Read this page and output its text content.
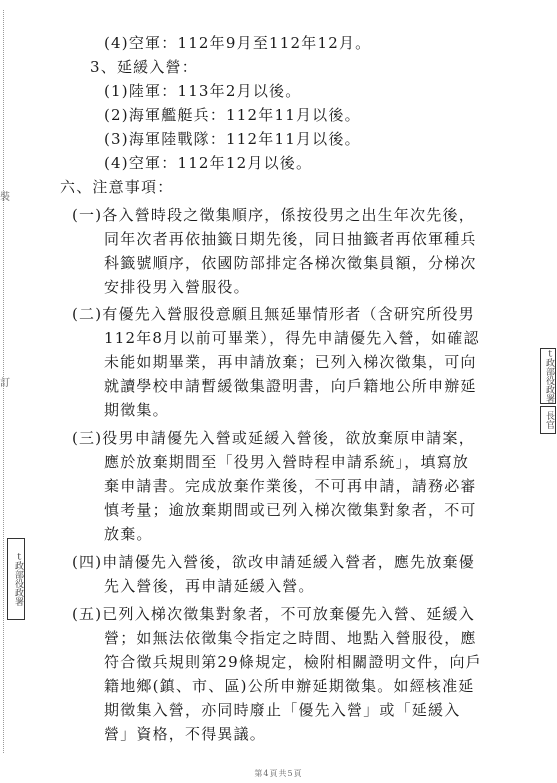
裝
訂
ｔ政部役政署
ｔ政部役政署
長官
(4)空軍：112年9月至112年12月。
3、延緩入營：
(1)陸軍：113年2月以後。
(2)海軍艦艇兵：112年11月以後。
(3)海軍陸戰隊：112年11月以後。
(4)空軍：112年12月以後。
六、注意事項：
(一)各入營時段之徵集順序，係按役男之出生年次先後，
同年次者再依抽籤日期先後，同日抽籤者再依軍種兵
科籤號順序，依國防部排定各梯次徵集員額，分梯次
安排役男入營服役。
(二)有優先入營服役意願且無延畢情形者（含研究所役男
112年8月以前可畢業），得先申請優先入營，如確認
未能如期畢業，再申請放棄；已列入梯次徵集，可向
就讀學校申請暫緩徵集證明書，向戶籍地公所申辦延
期徵集。
(三)役男申請優先入營或延緩入營後，欲放棄原申請案，
應於放棄期間至「役男入營時程申請系統」，填寫放
棄申請書。完成放棄作業後，不可再申請，請務必審
慎考量；逾放棄期間或已列入梯次徵集對象者，不可
放棄。
(四)申請優先入營後，欲改申請延緩入營者，應先放棄優
先入營後，再申請延緩入營。
(五)已列入梯次徵集對象者，不可放棄優先入營、延緩入
營；如無法依徵集令指定之時間、地點入營服役，應
符合徵兵規則第29條規定，檢附相關證明文件，向戶
籍地鄉(鎮、市、區)公所申辦延期徵集。如經核准延
期徵集入營，亦同時廢止「優先入營」或「延緩入
營」資格，不得異議。
第4頁共5頁
